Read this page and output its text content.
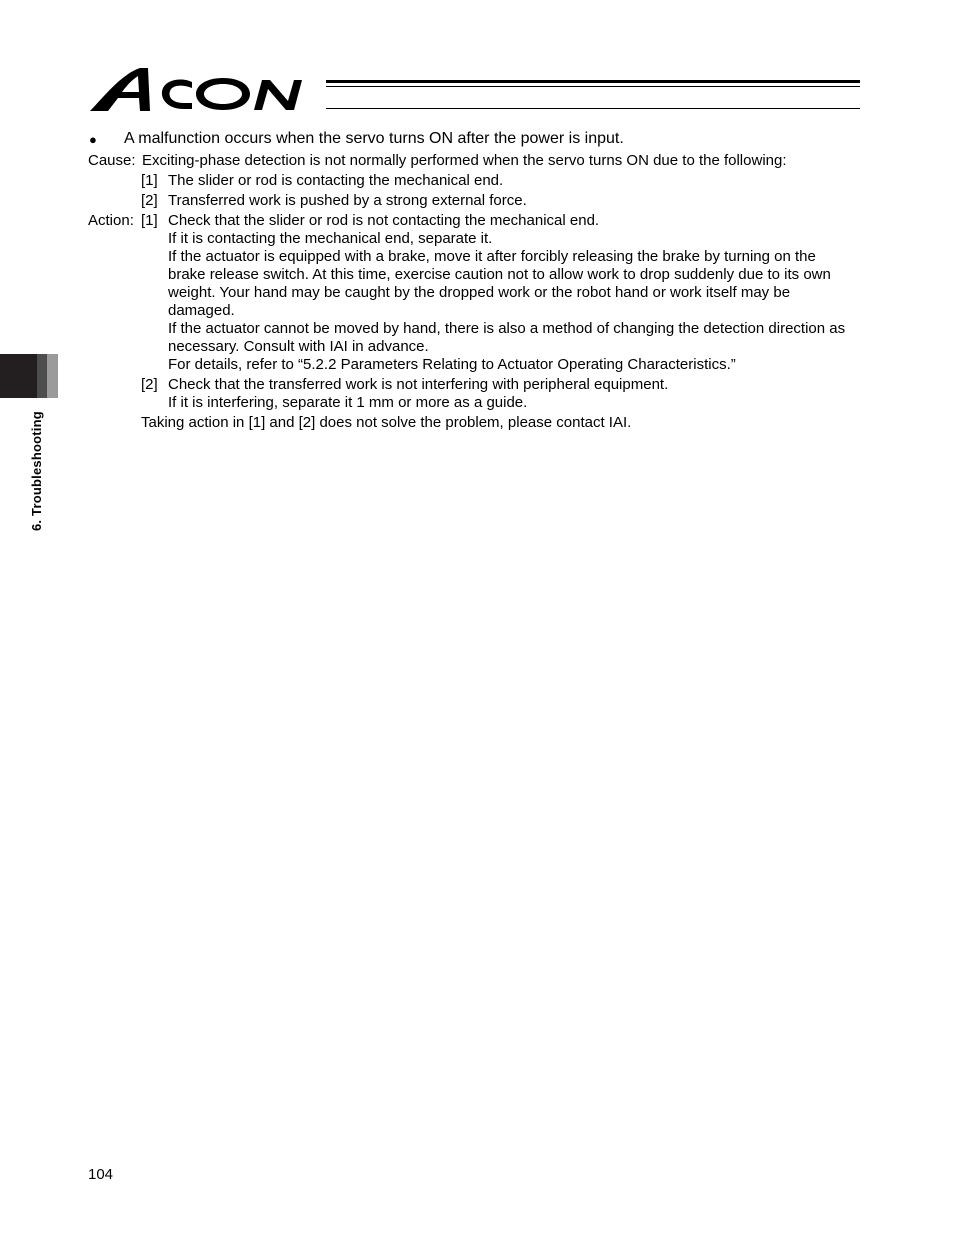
6. Troubleshooting
● A malfunction occurs when the servo turns ON after the power is input.
Cause: Exciting-phase detection is not normally performed when the servo turns ON due to the following:
[1] The slider or rod is contacting the mechanical end.
[2] Transferred work is pushed by a strong external force.
Action: [1] Check that the slider or rod is not contacting the mechanical end.
If it is contacting the mechanical end, separate it.
If the actuator is equipped with a brake, move it after forcibly releasing the brake by turning on the
brake release switch. At this time, exercise caution not to allow work to drop suddenly due to its own
weight. Your hand may be caught by the dropped work or the robot hand or work itself may be
damaged.
If the actuator cannot be moved by hand, there is also a method of changing the detection direction as
necessary. Consult with IAI in advance.
For details, refer to “5.2.2 Parameters Relating to Actuator Operating Characteristics.”
[2] Check that the transferred work is not interfering with peripheral equipment.
If it is interfering, separate it 1 mm or more as a guide.
Taking action in [1] and [2] does not solve the problem, please contact IAI.
104
